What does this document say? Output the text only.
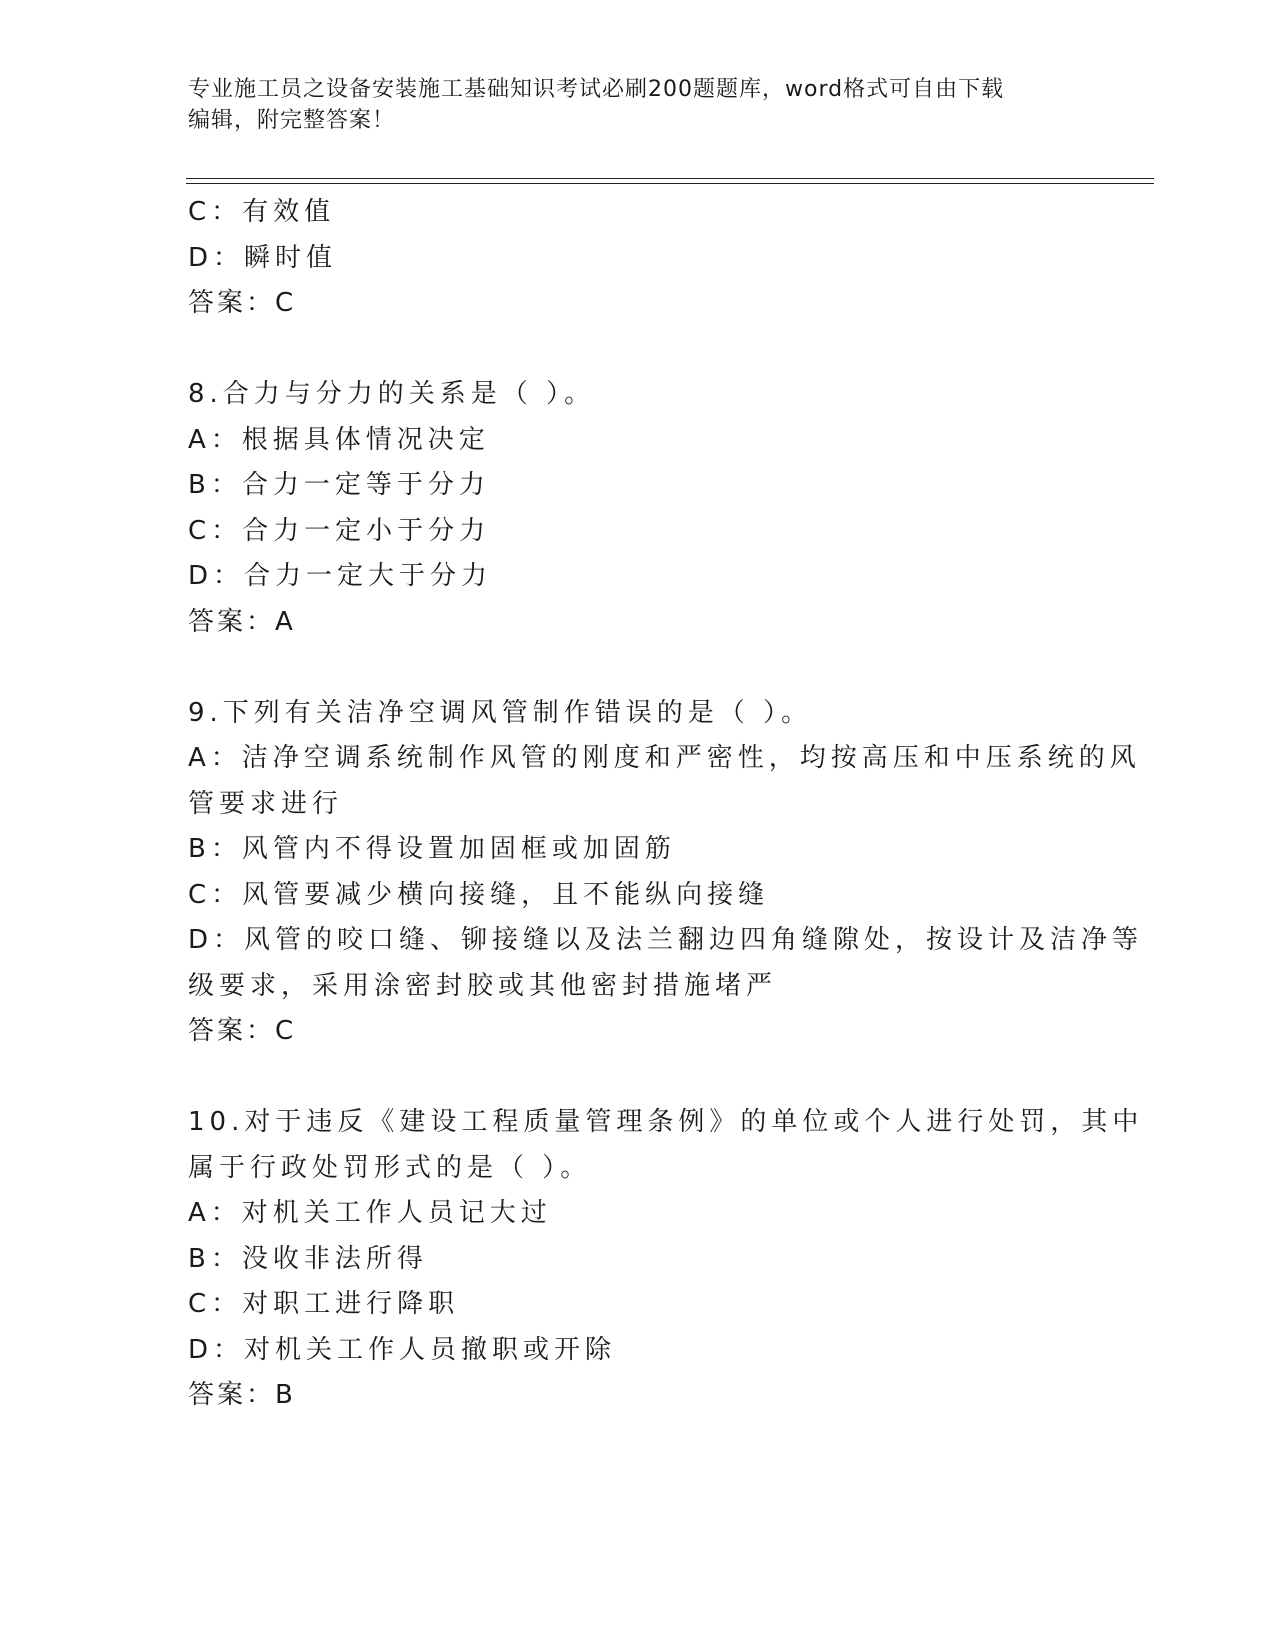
专业施工员之设备安装施工基础知识考试必刷200题题库，word格式可自由下载
编辑，附完整答案！
C：有效值
D：瞬时值
答案：C
8.合力与分力的关系是（ ）。
A：根据具体情况决定
B：合力一定等于分力
C：合力一定小于分力
D：合力一定大于分力
答案：A
9.下列有关洁净空调风管制作错误的是（ ）。
A：洁净空调系统制作风管的刚度和严密性，均按高压和中压系统的风
管要求进行
B：风管内不得设置加固框或加固筋
C：风管要减少横向接缝，且不能纵向接缝
D：风管的咬口缝、铆接缝以及法兰翻边四角缝隙处，按设计及洁净等
级要求，采用涂密封胶或其他密封措施堵严
答案：C
10.对于违反《建设工程质量管理条例》的单位或个人进行处罚，其中
属于行政处罚形式的是（ ）。
A：对机关工作人员记大过
B：没收非法所得
C：对职工进行降职
D：对机关工作人员撤职或开除
答案：B
